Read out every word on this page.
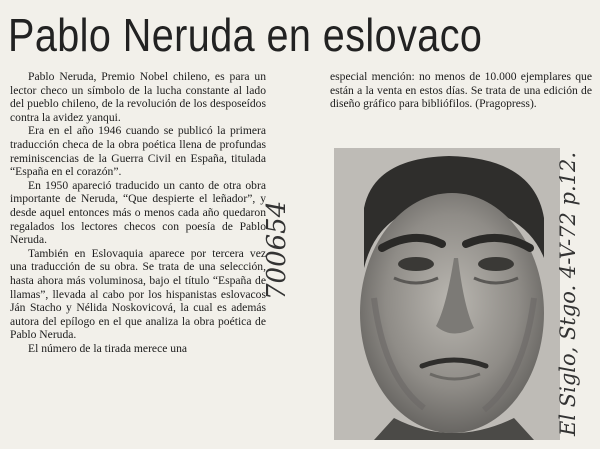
Pablo Neruda en eslovaco

Pablo Neruda, Premio Nobel chileno, es para un lector checo un símbolo de la lucha constante al lado del pueblo chileno, de la revolución de los desposeídos contra la avidez yanqui.

Era en el año 1946 cuando se publicó la primera traducción checa de la obra poética llena de profundas reminiscencias de la Guerra Civil en España, titulada “España en el corazón”.

En 1950 apareció traducido un canto de otra obra importante de Neruda, “Que despierte el leñador”, y desde aquel entonces más o menos cada año quedaron regalados los lectores checos con poesía de Pablo Neruda.

También en Eslovaquia aparece por tercera vez una traducción de su obra. Se trata de una selección, hasta ahora más voluminosa, bajo el título “España de llamas”, llevada al cabo por los hispanistas eslovacos Ján Stacho y Nélida Noskovicová, la cual es además autora del epílogo en el que analiza la obra poética de Pablo Neruda.

El número de la tirada merece una

especial mención: no menos de 10.000 ejemplares que están a la venta en estos días. Se trata de una edición de diseño gráfico para bibliófilos. (Pragopress).

700654	El Siglo, Stgo. 4-V-72 p.12.
